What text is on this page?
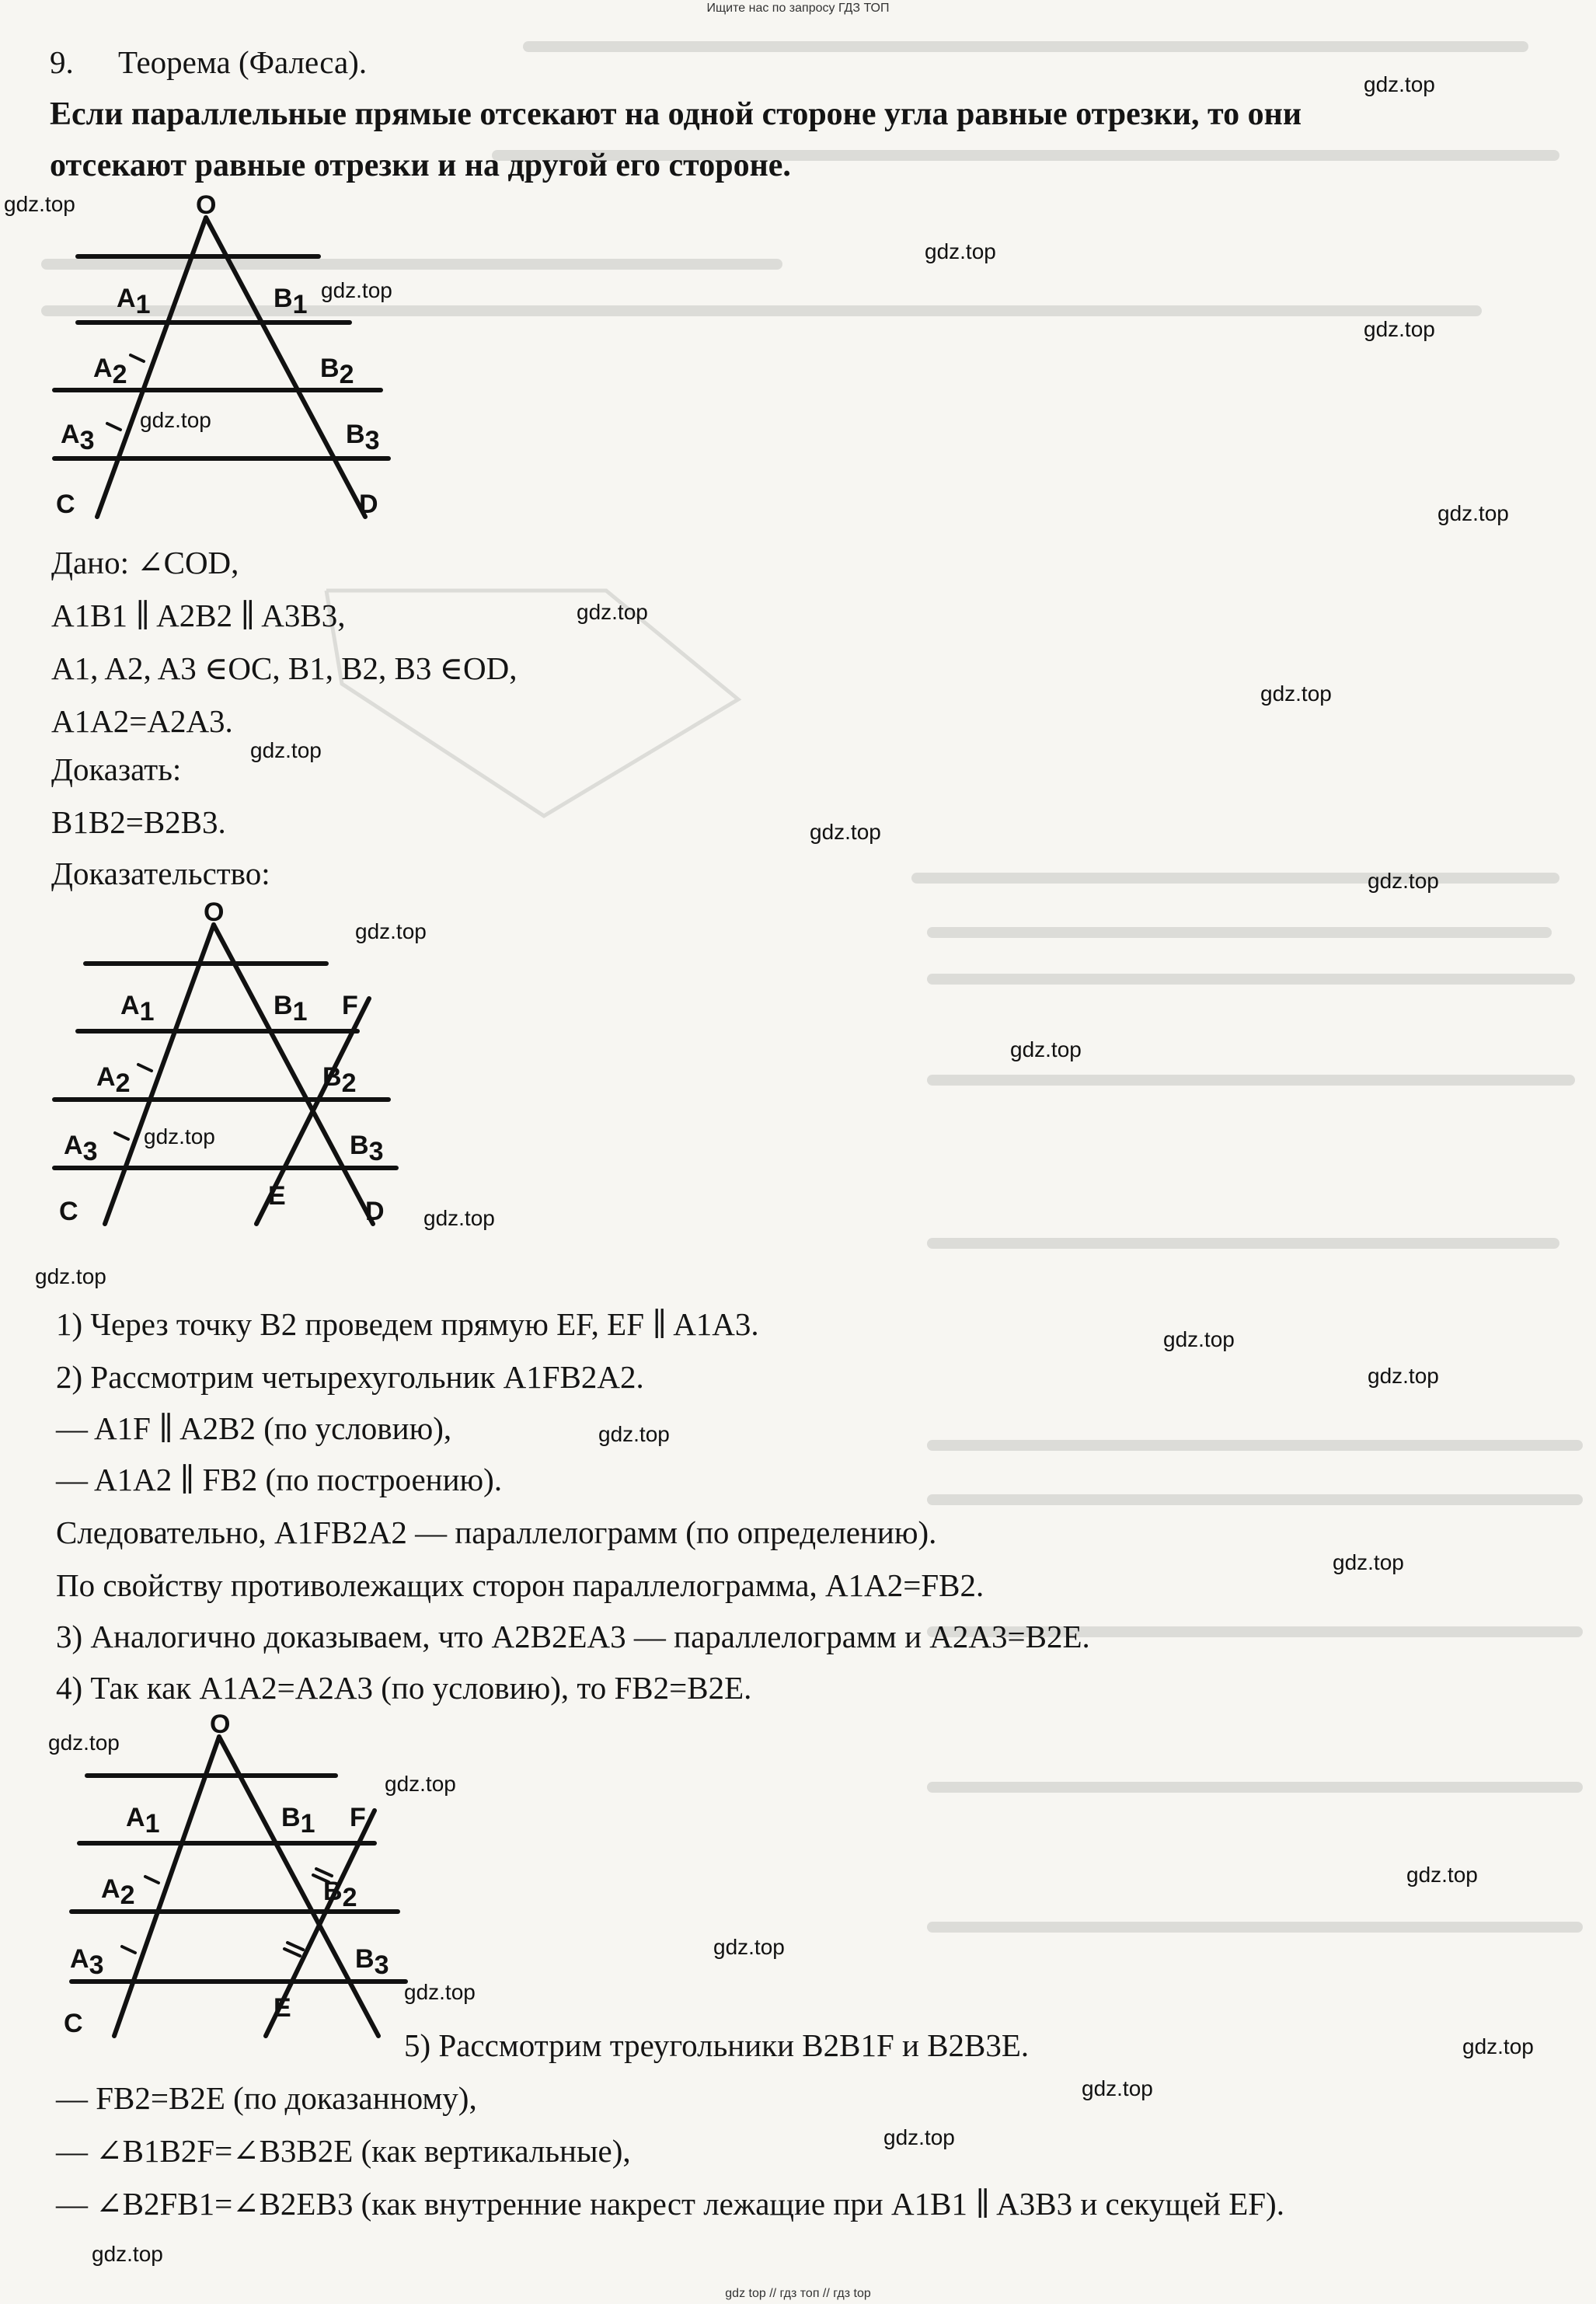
Ищите нас по запросу ГДЗ ТОП
9. Теорема (Фалеса).
Если параллельные прямые отсекают на одной стороне угла равные отрезки, то они
отсекают равные отрезки и на другой его стороне.
O
A1	B1
A2	B2
A3	B3
C	D
Дано: ∠COD,
A1B1 ∥ A2B2 ∥ A3B3,
A1, A2, A3 ∈OC, B1, B2, B3 ∈OD,
A1A2=A2A3.
Доказать:
B1B2=B2B3.
Доказательство:
O
A1	B1 F
A2	B2
A3	B3
E
C	D
1) Через точку B2 проведем прямую EF, EF ∥ A1A3.
2) Рассмотрим четырехугольник A1FB2A2.
— A1F ∥ A2B2 (по условию),
— A1A2 ∥ FB2 (по построению).
Следовательно, A1FB2A2 — параллелограмм (по определению).
По свойству противолежащих сторон параллелограмма, A1A2=FB2.
3) Аналогично доказываем, что A2B2EA3 — параллелограмм и A2A3=B2E.
4) Так как A1A2=A2A3 (по условию), то FB2=B2E.
O
A1	B1 F
A2	B2
A3	B3
E
C
5) Рассмотрим треугольники B2B1F и B2B3E.
— FB2=B2E (по доказанному),
— ∠B1B2F=∠B3B2E (как вертикальные),
— ∠B2FB1=∠B2EB3 (как внутренние накрест лежащие при A1B1 ∥ A3B3 и секущей EF).
gdz.top
gdz.top
gdz.top
gdz.top
gdz.top
gdz.top
gdz.top
gdz.top
gdz.top
gdz.top
gdz.top
gdz.top
gdz.top
gdz.top
gdz.top
gdz.top
gdz.top
gdz.top
gdz.top
gdz.top
gdz.top
gdz.top
gdz.top
gdz.top
gdz.top
gdz.top
gdz.top
gdz.top
gdz.top
gdz.top
gdz top // гдз топ // гдз top
